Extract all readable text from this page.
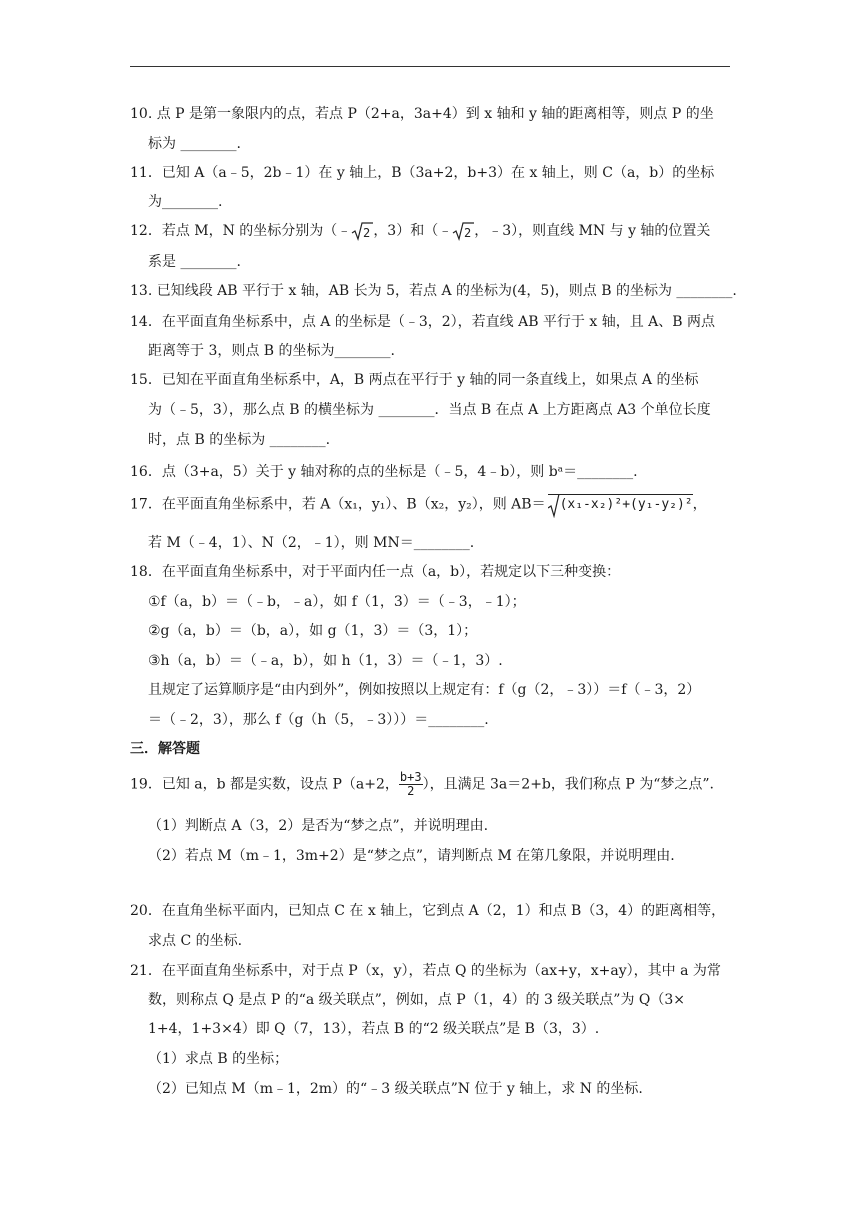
10. 点 P 是第一象限内的点，若点 P（2+a，3a+4）到 x 轴和 y 轴的距离相等，则点 P 的坐
标为 ________.
11．已知 A（a﹣5，2b﹣1）在 y 轴上，B（3a+2，b+3）在 x 轴上，则 C（a，b）的坐标
为________.
12．若点 M，N 的坐标分别为（﹣ 2 ，3）和（﹣ 2 ，﹣3），则直线 MN 与 y 轴的位置关
系是 ________.
13. 已知线段 AB 平行于 x 轴，AB 长为 5，若点 A 的坐标为(4，5)，则点 B 的坐标为 ________.
14．在平面直角坐标系中，点 A 的坐标是（﹣3，2），若直线 AB 平行于 x 轴，且 A、B 两点
距离等于 3，则点 B 的坐标为________.
15．已知在平面直角坐标系中，A，B 两点在平行于 y 轴的同一条直线上，如果点 A 的坐标
为（﹣5，3），那么点 B 的横坐标为 ________．当点 B 在点 A 上方距离点 A3 个单位长度
时，点 B 的坐标为 ________.
16．点（3+a，5）关于 y 轴对称的点的坐标是（﹣5，4﹣b），则 bᵃ＝________.
17．在平面直角坐标系中，若 A（x₁，y₁）、B（x₂，y₂），则 AB＝ (x₁-x₂)²+(y₁-y₂)²，
若 M（﹣4，1）、N（2，﹣1），则 MN＝________.
18．在平面直角坐标系中，对于平面内任一点（a，b），若规定以下三种变换：
①f（a，b）＝（﹣b，﹣a），如 f（1，3）＝（﹣3，﹣1）；
②g（a，b）＝（b，a），如 g（1，3）＝（3，1）；
③h（a，b）＝（﹣a，b），如 h（1，3）＝（﹣1，3）.
且规定了运算顺序是“由内到外”，例如按照以上规定有：f（g（2，﹣3））＝f（﹣3，2）
＝（﹣2，3），那么 f（g（h（5，﹣3）））＝________.
三．解答题
19．已知 a，b 都是实数，设点 P（a+2， $\frac{b+3}{2}$ ），且满足 3a＝2+b，我们称点 P 为“梦之点”.
（1）判断点 A（3，2）是否为“梦之点”，并说明理由.
（2）若点 M（m﹣1，3m+2）是“梦之点”，请判断点 M 在第几象限，并说明理由.
20．在直角坐标平面内，已知点 C 在 x 轴上，它到点 A（2，1）和点 B（3，4）的距离相等，
求点 C 的坐标.
21．在平面直角坐标系中，对于点 P（x，y），若点 Q 的坐标为（ax+y，x+ay），其中 a 为常
数，则称点 Q 是点 P 的“a 级关联点”，例如，点 P（1，4）的 3 级关联点”为 Q（3×
1+4，1+3×4）即 Q（7，13），若点 B 的“2 级关联点”是 B（3，3）.
（1）求点 B 的坐标；
（2）已知点 M（m﹣1，2m）的“﹣3 级关联点”N 位于 y 轴上，求 N 的坐标.
